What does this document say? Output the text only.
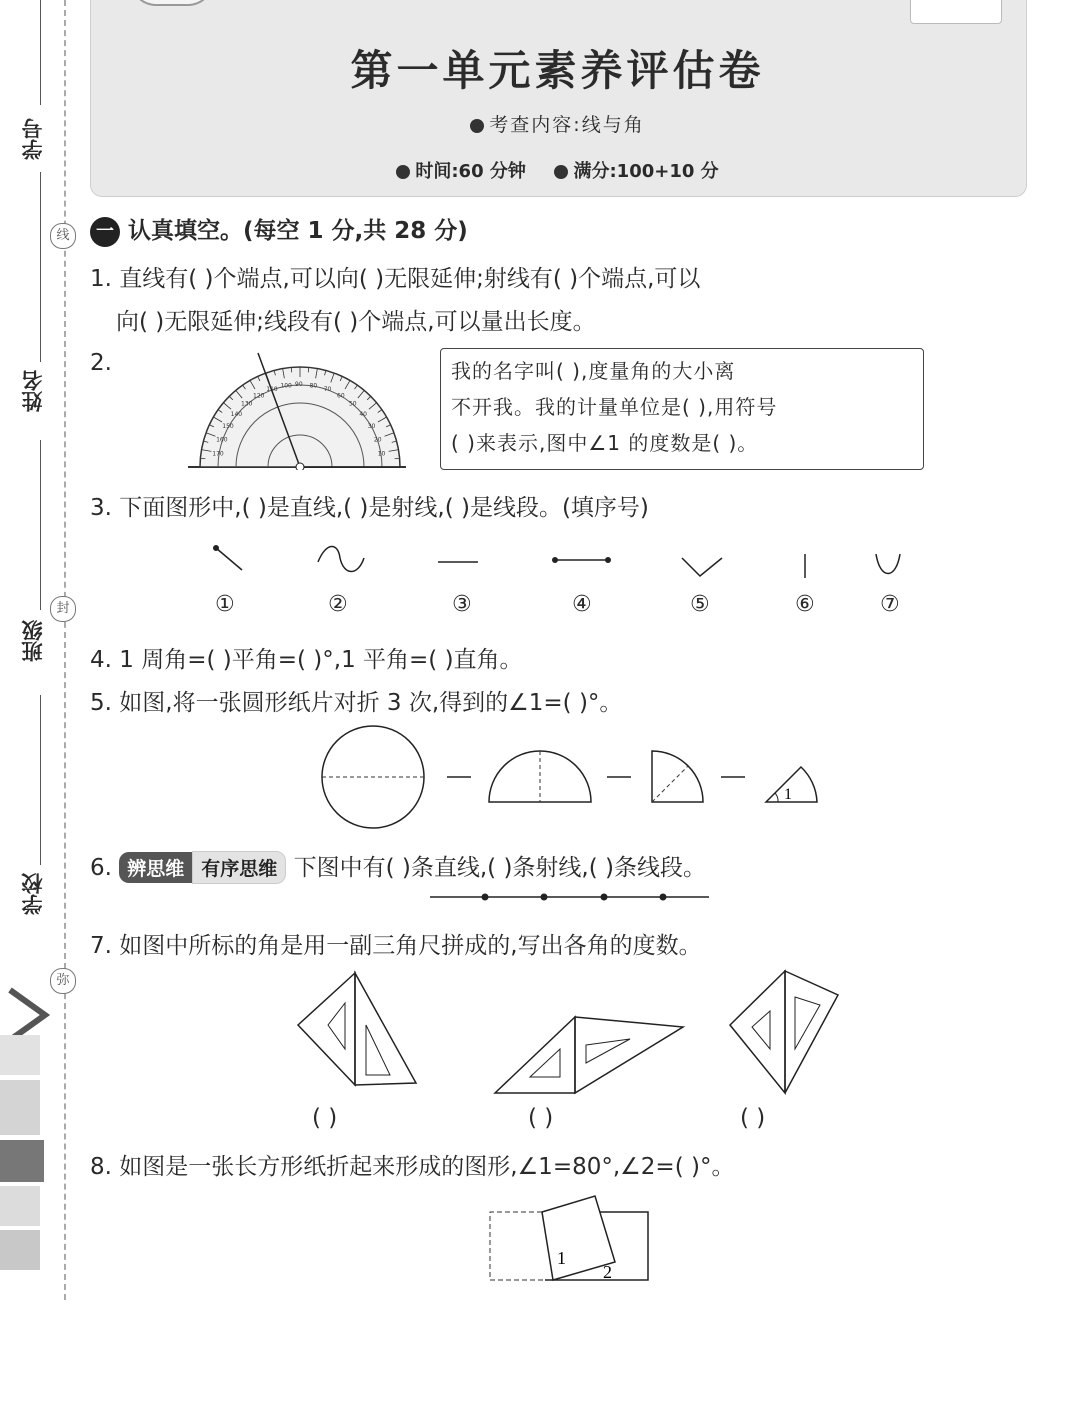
第一单元素养评估卷
考查内容:线与角
时间:60 分钟	满分:100+10 分
学号
姓名
班级
学校
线
封
弥
一 认真填空。(每空 1 分,共 28 分)
1. 直线有( )个端点,可以向( )无限延伸;射线有( )个端点,可以
向( )无限延伸;线段有( )个端点,可以量出长度。
2.
10
20
30
40
50
60
70
80
90
100
110
120
130
140
150
160
170
我的名字叫( ),度量角的大小离
不开我。我的计量单位是( ),用符号
( )来表示,图中∠1 的度数是( )。
3. 下面图形中,( )是直线,( )是射线,( )是线段。(填序号)
①	②	③	④	⑤	⑥	⑦
4. 1 周角=( )平角=( )°,1 平角=( )直角。
5. 如图,将一张圆形纸片对折 3 次,得到的∠1=( )°。
1
6. 辨思维 有序思维 下图中有( )条直线,( )条射线,( )条线段。
7. 如图中所标的角是用一副三角尺拼成的,写出各角的度数。
( )	( )	( )
8. 如图是一张长方形纸折起来形成的图形,∠1=80°,∠2=( )°。
1
2
